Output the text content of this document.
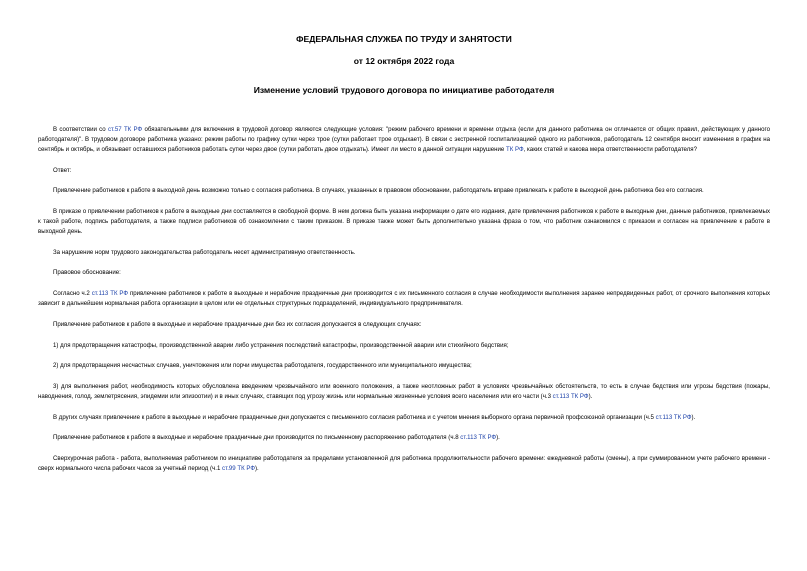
ФЕДЕРАЛЬНАЯ СЛУЖБА ПО ТРУДУ И ЗАНЯТОСТИ
от 12 октября 2022 года
Изменение условий трудового договора по инициативе работодателя

В соответствии со ст.57 ТК РФ обязательными для включения в трудовой договор являются следующие условия: "режим рабочего времени и времени отдыха (если для данного работника он отличается от общих правил, действующих у данного работодателя)". В трудовом договоре работника указано: режим работы по графику сутки через трое (сутки работает трое отдыхает). В связи с экстренной госпитализацией одного из работников, работодатель 12 сентября вносит изменения в график на сентябрь и октябрь, и обязывает оставшихся работников работать сутки через двое (сутки работать двое отдыхать). Имеет ли место в данной ситуации нарушение ТК РФ, каких статей и какова мера ответственности работодателя?

Ответ:

Привлечение работников к работе в выходной день возможно только с согласия работника. В случаях, указанных в правовом обосновании, работодатель вправе привлекать к работе в выходной день работника без его согласия.

В приказе о привлечении работников к работе в выходные дни составляется в свободной форме. В нем должна быть указана информации о дате его издания, дате привлечения работников к работе в выходные дни, данные работников, привлекаемых к такой работе, подпись работодателя, а также подписи работников об ознакомлении с таким приказом. В приказе также может быть дополнительно указана фраза о том, что работник ознакомился с приказом и согласен на привлечение к работе в выходной день.

За нарушение норм трудового законодательства работодатель несет административную ответственность.

Правовое обоснование:

Согласно ч.2 ст.113 ТК РФ привлечение работников к работе в выходные и нерабочие праздничные дни производится с их письменного согласия в случае необходимости выполнения заранее непредвиденных работ, от срочного выполнения которых зависит в дальнейшем нормальная работа организации в целом или ее отдельных структурных подразделений, индивидуального предпринимателя.

Привлечение работников к работе в выходные и нерабочие праздничные дни без их согласия допускается в следующих случаях:

1) для предотвращения катастрофы, производственной аварии либо устранения последствий катастрофы, производственной аварии или стихийного бедствия;

2) для предотвращения несчастных случаев, уничтожения или порчи имущества работодателя, государственного или муниципального имущества;

3) для выполнения работ, необходимость которых обусловлена введением чрезвычайного или военного положения, а также неотложных работ в условиях чрезвычайных обстоятельств, то есть в случае бедствия или угрозы бедствия (пожары, наводнения, голод, землетрясения, эпидемии или эпизоотии) и в иных случаях, ставящих под угрозу жизнь или нормальные жизненные условия всего населения или его части (ч.3 ст.113 ТК РФ).

В других случаях привлечение к работе в выходные и нерабочие праздничные дни допускается с письменного согласия работника и с учетом мнения выборного органа первичной профсоюзной организации (ч.5 ст.113 ТК РФ).

Привлечение работников к работе в выходные и нерабочие праздничные дни производится по письменному распоряжению работодателя (ч.8 ст.113 ТК РФ).

Сверхурочная работа - работа, выполняемая работником по инициативе работодателя за пределами установленной для работника продолжительности рабочего времени: ежедневной работы (смены), а при суммированном учете рабочего времени - сверх нормального числа рабочих часов за учетный период (ч.1 ст.99 ТК РФ).
